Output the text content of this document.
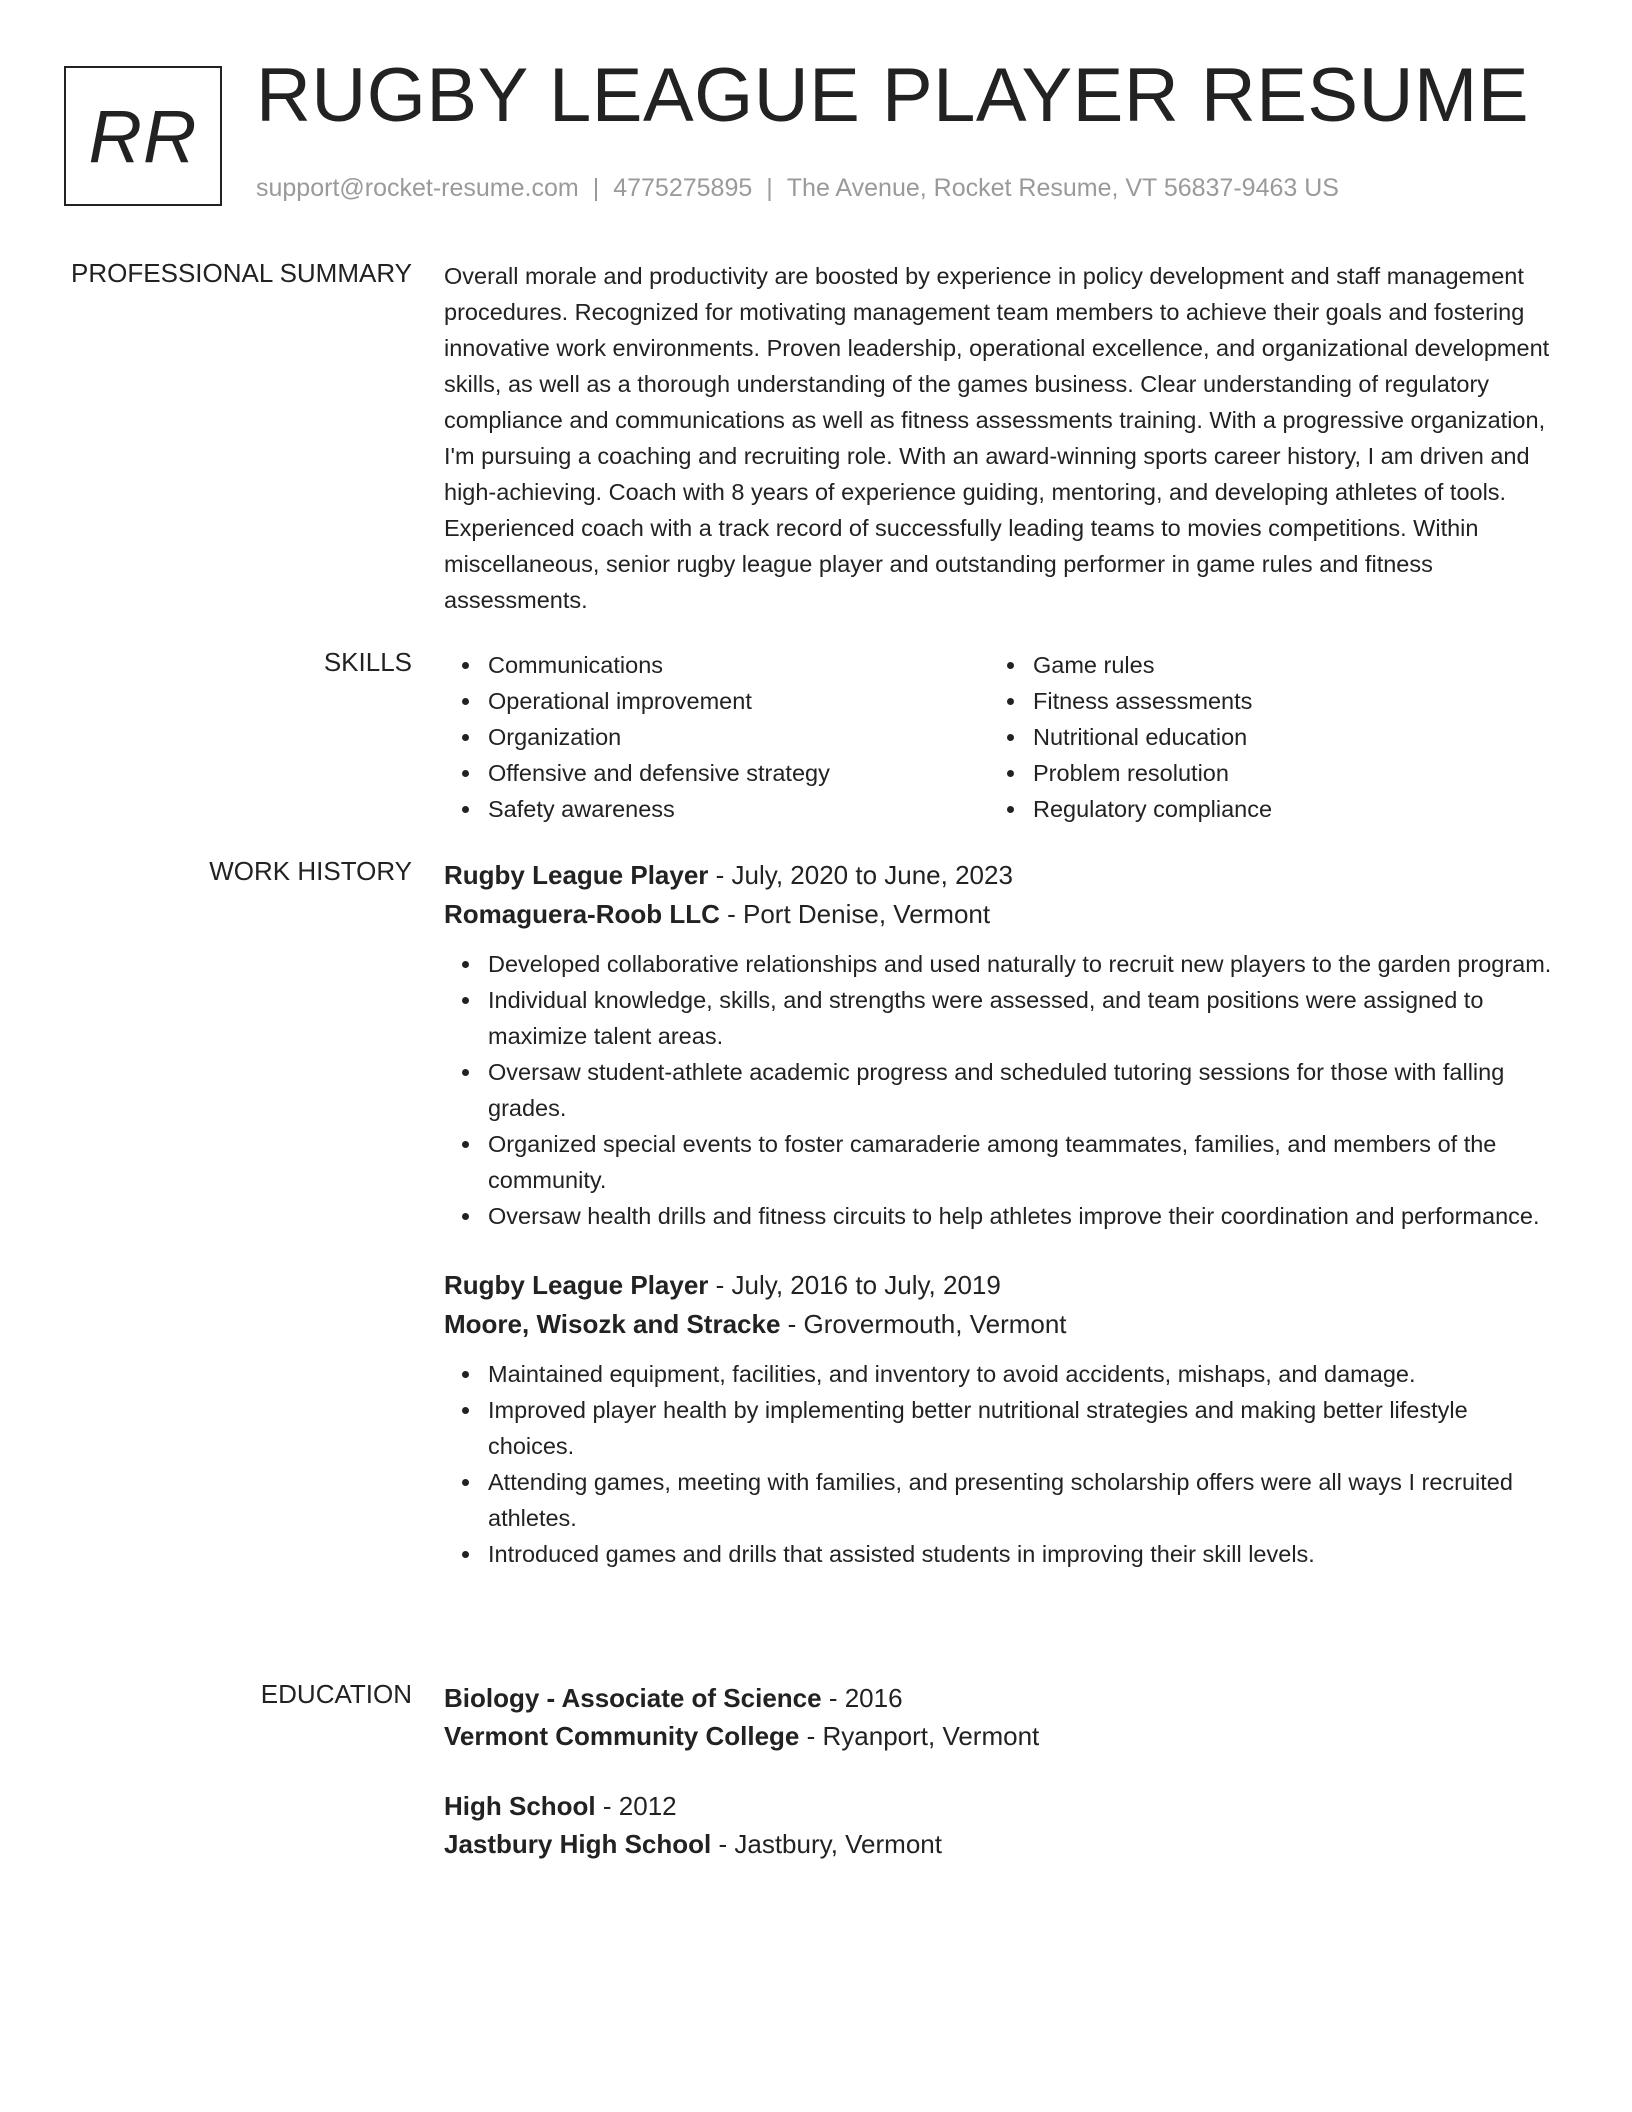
RR RUGBY LEAGUE PLAYER RESUME
support@rocket-resume.com | 4775275895 | The Avenue, Rocket Resume, VT 56837-9463 US
PROFESSIONAL SUMMARY Overall morale and productivity are boosted by experience in policy development and staff management procedures. Recognized for motivating management team members to achieve their goals and fostering innovative work environments. Proven leadership, operational excellence, and organizational development skills, as well as a thorough understanding of the games business. Clear understanding of regulatory compliance and communications as well as fitness assessments training. With a progressive organization, I'm pursuing a coaching and recruiting role. With an award-winning sports career history, I am driven and high-achieving. Coach with 8 years of experience guiding, mentoring, and developing athletes of tools. Experienced coach with a track record of successfully leading teams to movies competitions. Within miscellaneous, senior rugby league player and outstanding performer in game rules and fitness assessments.

SKILLS	Communications
Operational improvement
Organization
Offensive and defensive strategy
Safety awareness
Game rules
Fitness assessments
Nutritional education
Problem resolution
Regulatory compliance
WORK HISTORY Rugby League Player - July, 2020 to June, 2023
Romaguera-Roob LLC - Port Denise, Vermont
Developed collaborative relationships and used naturally to recruit new players to the garden program.
Individual knowledge, skills, and strengths were assessed, and team positions were assigned to maximize talent areas.
Oversaw student-athlete academic progress and scheduled tutoring sessions for those with falling grades.
Organized special events to foster camaraderie among teammates, families, and members of the community.
Oversaw health drills and fitness circuits to help athletes improve their coordination and performance.
Rugby League Player - July, 2016 to July, 2019
Moore, Wisozk and Stracke - Grovermouth, Vermont
Maintained equipment, facilities, and inventory to avoid accidents, mishaps, and damage.
Improved player health by implementing better nutritional strategies and making better lifestyle choices.
Attending games, meeting with families, and presenting scholarship offers were all ways I recruited athletes.
Introduced games and drills that assisted students in improving their skill levels.
EDUCATION Biology - Associate of Science - 2016
Vermont Community College - Ryanport, Vermont
High School - 2012
Jastbury High School - Jastbury, Vermont
